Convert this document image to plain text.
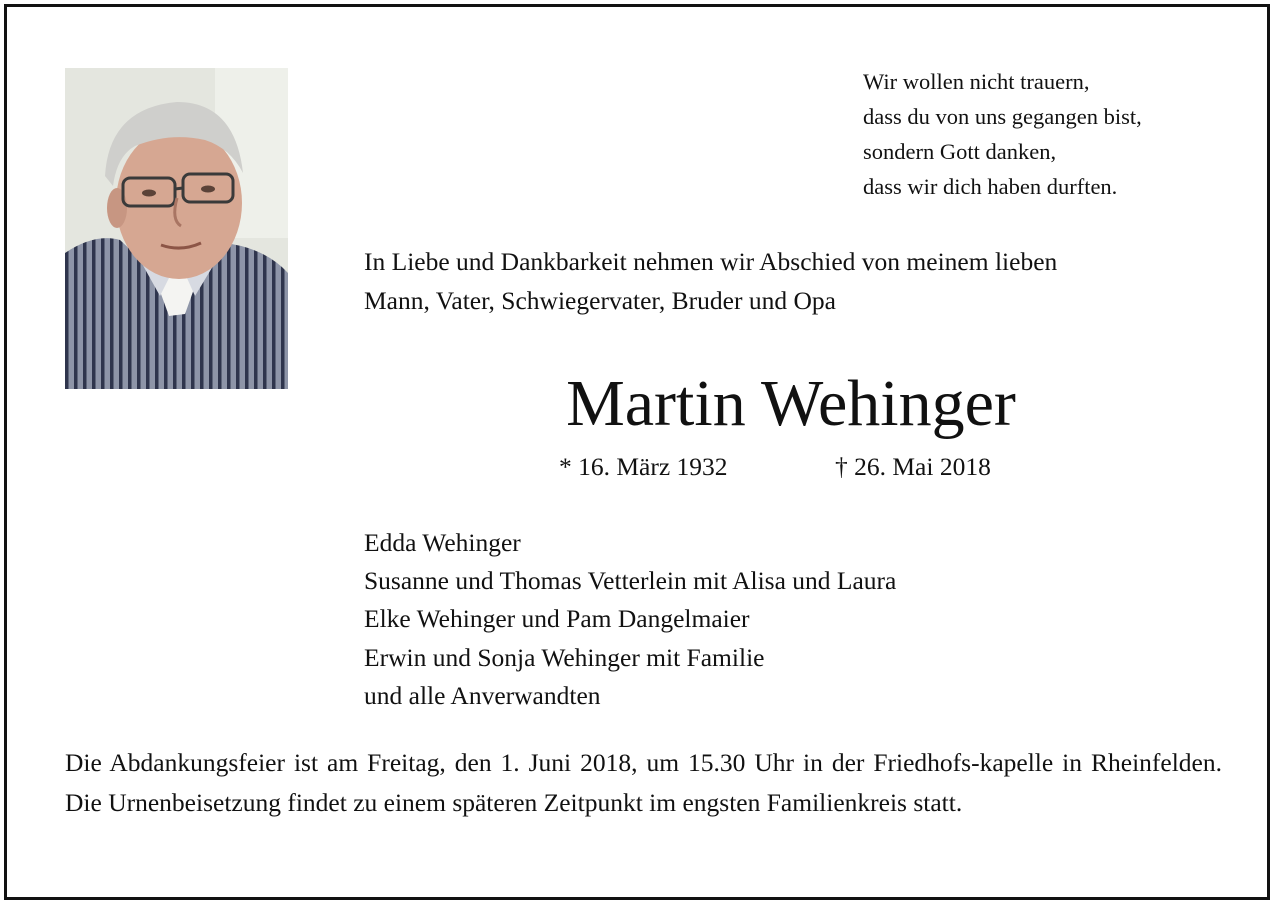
Wir wollen nicht trauern,
dass du von uns gegangen bist,
sondern Gott danken,
dass wir dich haben durften.
In Liebe und Dankbarkeit nehmen wir Abschied von meinem lieben
Mann, Vater, Schwiegervater, Bruder und Opa
Martin Wehinger
* 16. März 1932	† 26. Mai 2018
Edda Wehinger
Susanne und Thomas Vetterlein mit Alisa und Laura
Elke Wehinger und Pam Dangelmaier
Erwin und Sonja Wehinger mit Familie
und alle Anverwandten
Die Abdankungsfeier ist am Freitag, den 1. Juni 2018, um 15.30 Uhr in der Friedhofs-kapelle in Rheinfelden. Die Urnenbeisetzung findet zu einem späteren Zeitpunkt im engsten Familienkreis statt.
